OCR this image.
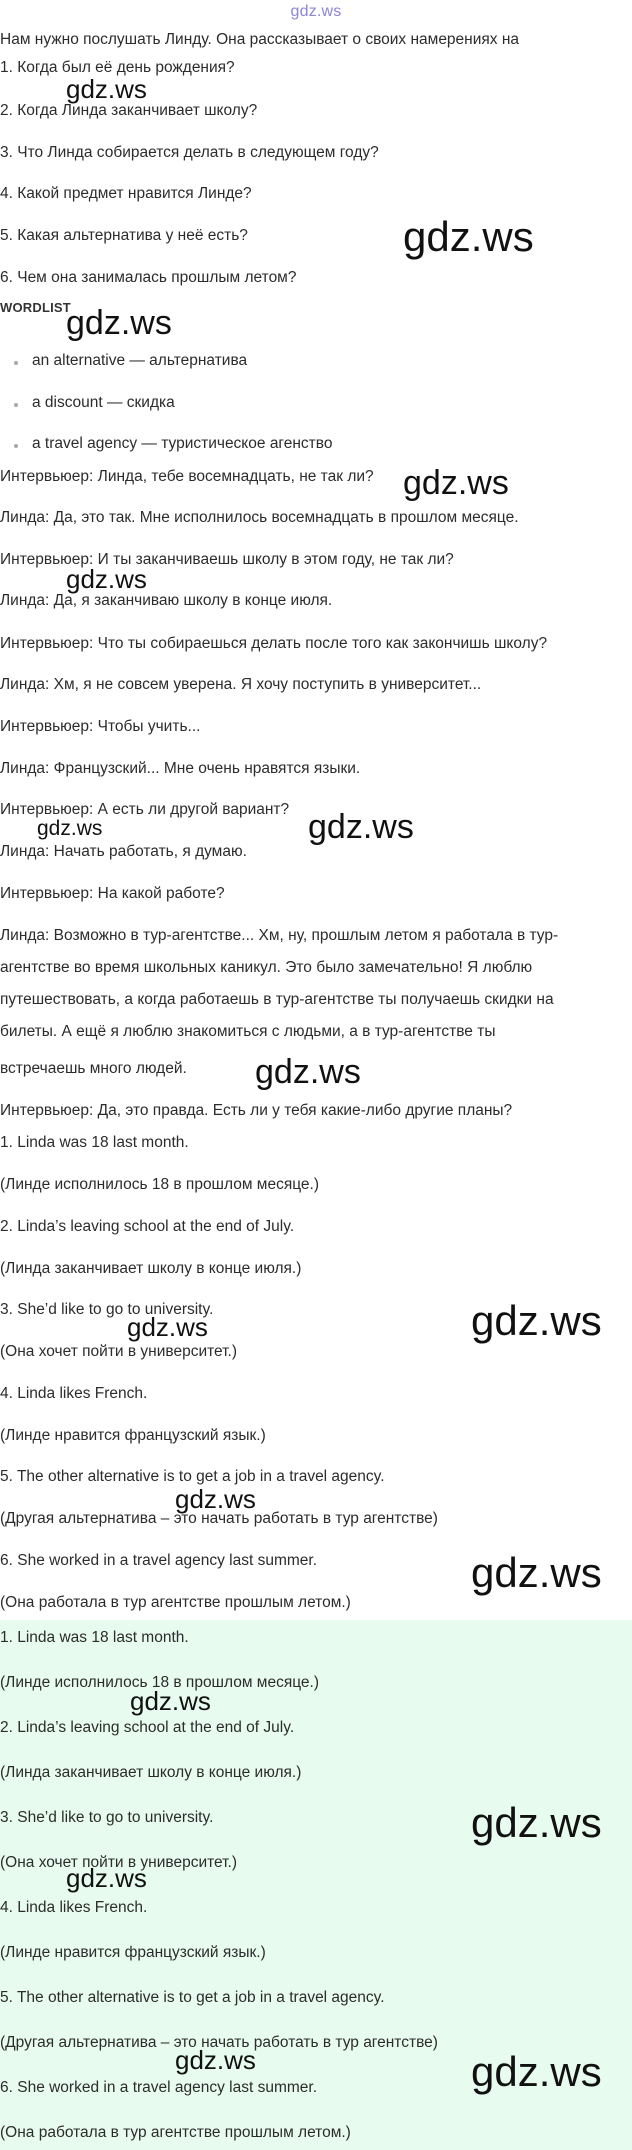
gdz.ws
Нам нужно послушать Линду. Она рассказывает о своих намерениях на
1. Когда был её день рождения?
2. Когда Линда заканчивает школу?
3. Что Линда собирается делать в следующем году?
4. Какой предмет нравится Линде?
5. Какая альтернатива у неё есть?
6. Чем она занималась прошлым летом?
WORDLIST
an alternative — альтернатива
a discount — скидка
a travel agency — туристическое агенство
Интервьюер: Линда, тебе восемнадцать, не так ли?
Линда: Да, это так. Мне исполнилось восемнадцать в прошлом месяце.
Интервьюер: И ты заканчиваешь школу в этом году, не так ли?
Линда: Да, я заканчиваю школу в конце июля.
Интервьюер: Что ты собираешься делать после того как закончишь школу?
Линда: Хм, я не совсем уверена. Я хочу поступить в университет...
Интервьюер: Чтобы учить...
Линда: Французский... Мне очень нравятся языки.
Интервьюер: А есть ли другой вариант?
Линда: Начать работать, я думаю.
Интервьюер: На какой работе?
Линда: Возможно в тур-агентстве... Хм, ну, прошлым летом я работала в тур-
агентстве во время школьных каникул. Это было замечательно! Я люблю
путешествовать, а когда работаешь в тур-агентстве ты получаешь скидки на
билеты. А ещё я люблю знакомиться с людьми, а в тур-агентстве ты
встречаешь много людей.
Интервьюер: Да, это правда. Есть ли у тебя какие-либо другие планы?
1. Linda was 18 last month.
(Линде исполнилось 18 в прошлом месяце.)
2. Linda’s leaving school at the end of July.
(Линда заканчивает школу в конце июля.)
3. She’d like to go to university.
(Она хочет пойти в университет.)
4. Linda likes French.
(Линде нравится французский язык.)
5. The other alternative is to get a job in a travel agency.
(Другая альтернатива – это начать работать в тур агентстве)
6. She worked in a travel agency last summer.
(Она работала в тур агентстве прошлым летом.)
1. Linda was 18 last month.
(Линде исполнилось 18 в прошлом месяце.)
2. Linda’s leaving school at the end of July.
(Линда заканчивает школу в конце июля.)
3. She’d like to go to university.
(Она хочет пойти в университет.)
4. Linda likes French.
(Линде нравится французский язык.)
5. The other alternative is to get a job in a travel agency.
(Другая альтернатива – это начать работать в тур агентстве)
6. She worked in a travel agency last summer.
(Она работала в тур агентстве прошлым летом.)
gdz.ws
gdz.ws
gdz.ws
gdz.ws
gdz.ws
gdz.ws	gdz.ws
gdz.ws
gdz.ws	gdz.ws
gdz.ws
gdz.ws
gdz.ws
gdz.ws
gdz.ws
gdz.ws	gdz.ws
